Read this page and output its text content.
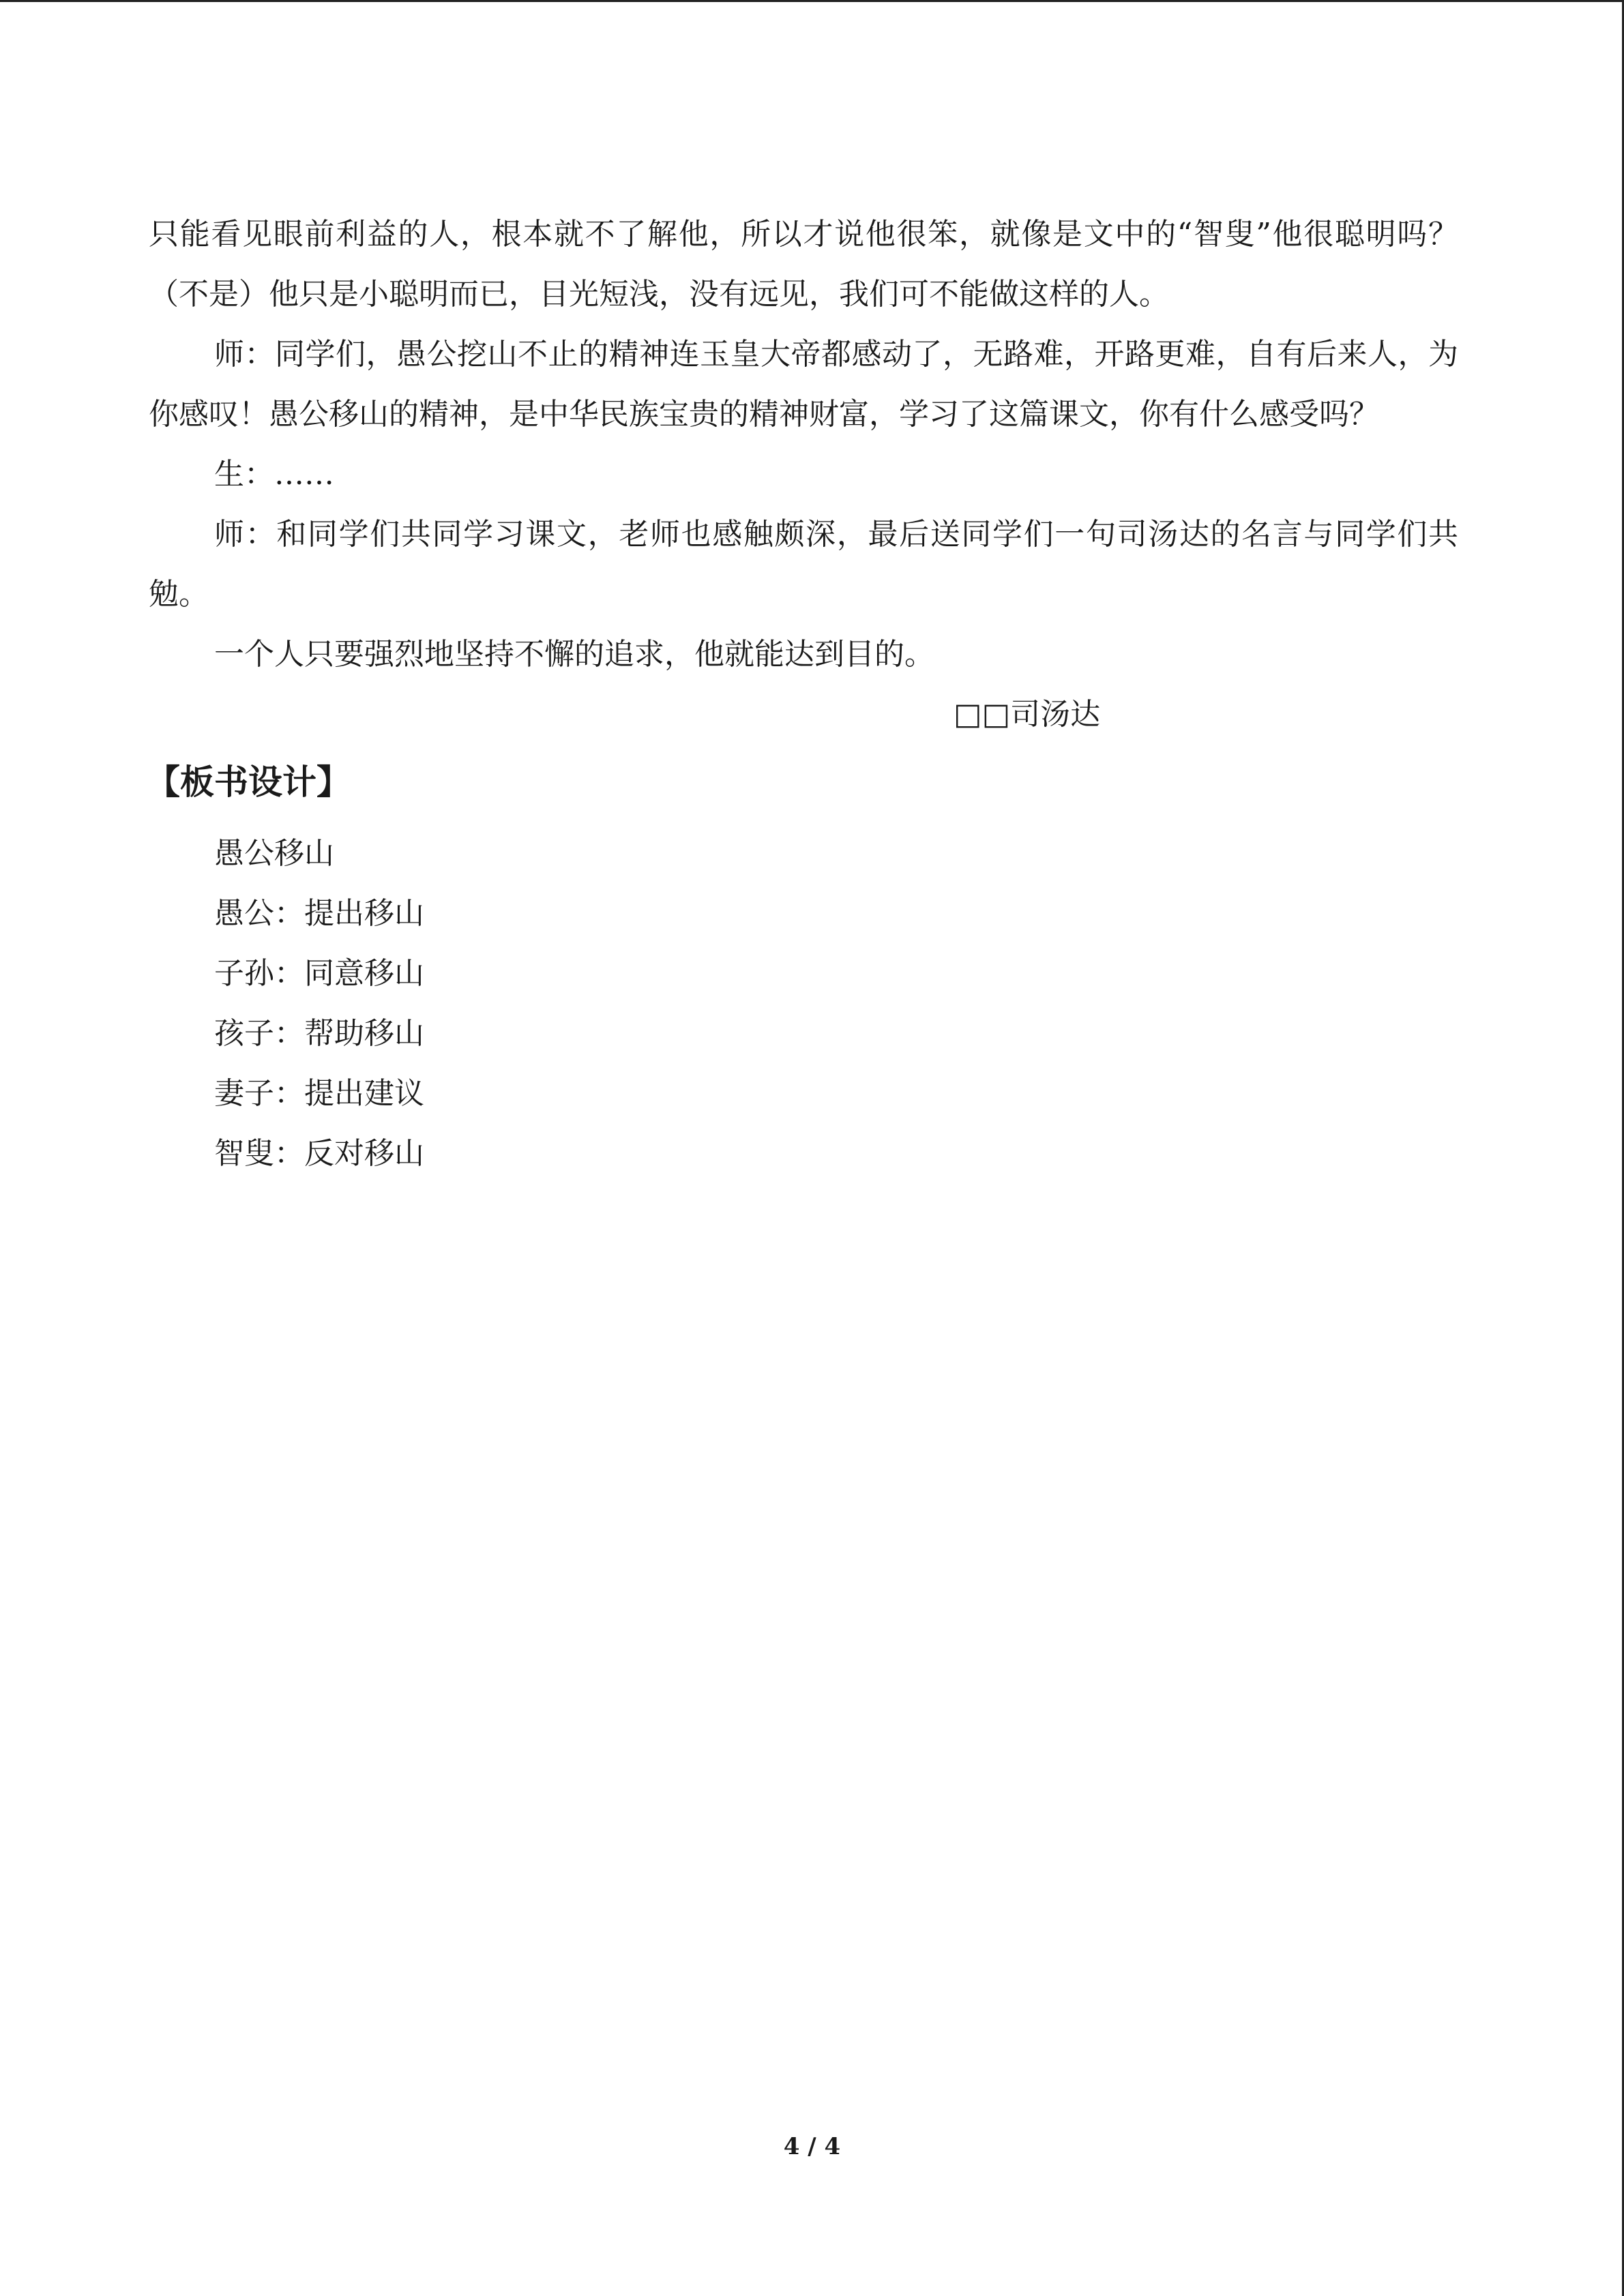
只能看见眼前利益的人，根本就不了解他，所以才说他很笨，就像是文中的“智叟”他很聪明吗？（不是）他只是小聪明而已，目光短浅，没有远见，我们可不能做这样的人。

师：同学们，愚公挖山不止的精神连玉皇大帝都感动了，无路难，开路更难，自有后来人，为你感叹！愚公移山的精神，是中华民族宝贵的精神财富，学习了这篇课文，你有什么感受吗？

生：……

师：和同学们共同学习课文，老师也感触颇深，最后送同学们一句司汤达的名言与同学们共勉。

一个人只要强烈地坚持不懈的追求，他就能达到目的。

□□司汤达

【板书设计】

愚公移山

愚公：提出移山

子孙：同意移山

孩子：帮助移山

妻子：提出建议

智叟：反对移山

4 / 4
